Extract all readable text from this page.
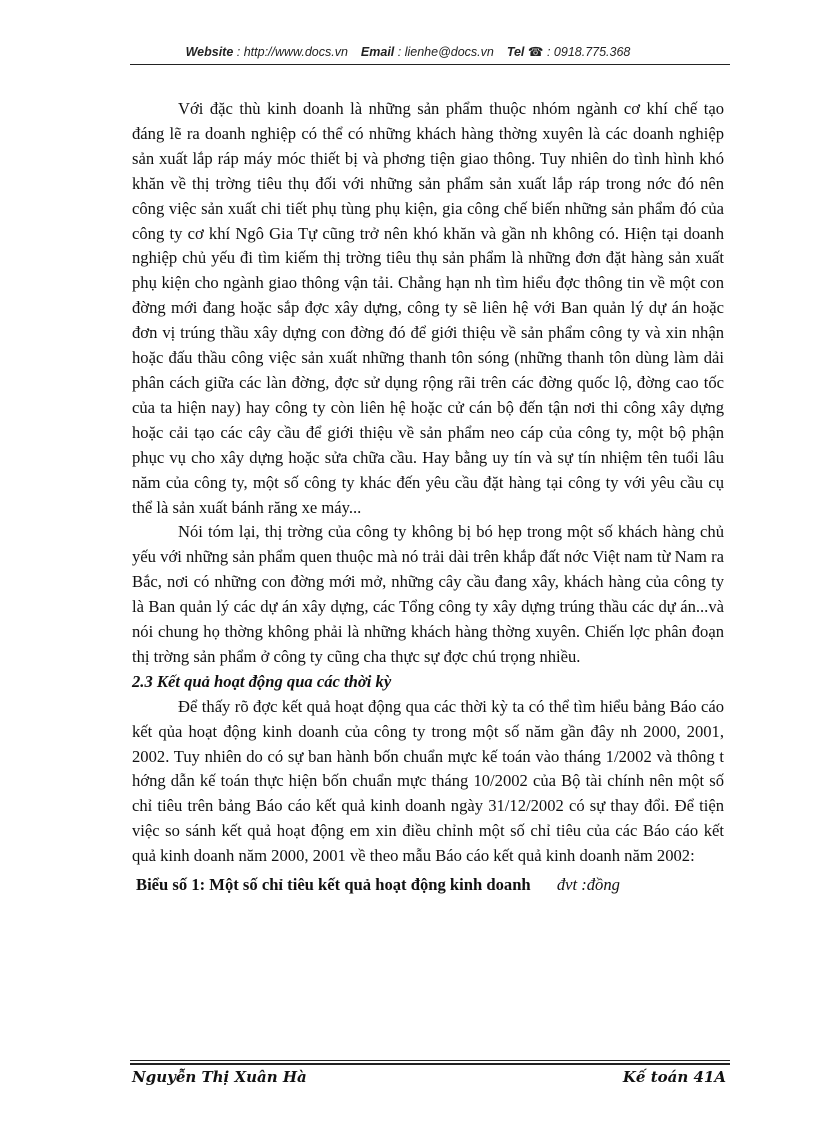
Website : http://www.docs.vn Email : lienhe@docs.vn Tel ☎ : 0918.775.368

Với đặc thù kinh doanh là những sản phẩm thuộc nhóm ngành cơ khí chế tạo đáng lẽ ra doanh nghiệp có thể có những khách hàng thờng xuyên là các doanh nghiệp sản xuất lắp ráp máy móc thiết bị và phơng tiện giao thông. Tuy nhiên do tình hình khó khăn về thị trờng tiêu thụ đối với những sản phẩm sản xuất lắp ráp trong nớc đó nên công việc sản xuất chi tiết phụ tùng phụ kiện, gia công chế biến những sản phẩm đó của công ty cơ khí Ngô Gia Tự cũng trở nên khó khăn và gần nh không có. Hiện tại doanh nghiệp chủ yếu đi tìm kiếm thị trờng tiêu thụ sản phẩm là những đơn đặt hàng sản xuất phụ kiện cho ngành giao thông vận tải. Chẳng hạn nh tìm hiểu đợc thông tin về một con đờng mới đang hoặc sắp đợc xây dựng, công ty sẽ liên hệ với Ban quản lý dự án hoặc đơn vị trúng thầu xây dựng con đờng đó để giới thiệu về sản phẩm công ty và xin nhận hoặc đấu thầu công việc sản xuất những thanh tôn sóng (những thanh tôn dùng làm dải phân cách giữa các làn đờng, đợc sử dụng rộng rãi trên các đờng quốc lộ, đờng cao tốc của ta hiện nay) hay công ty còn liên hệ hoặc cử cán bộ đến tận nơi thi công xây dựng hoặc cải tạo các cây cầu để giới thiệu về sản phẩm neo cáp của công ty, một bộ phận phục vụ cho xây dựng hoặc sửa chữa cầu. Hay bằng uy tín và sự tín nhiệm tên tuổi lâu năm của công ty, một số công ty khác đến yêu cầu đặt hàng tại công ty với yêu cầu cụ thể là sản xuất bánh răng xe máy...

Nói tóm lại, thị trờng của công ty không bị bó hẹp trong một số khách hàng chủ yếu với những sản phẩm quen thuộc mà nó trải dài trên khắp đất nớc Việt nam từ Nam ra Bắc, nơi có những con đờng mới mở, những cây cầu đang xây, khách hàng của công ty là Ban quản lý các dự án xây dựng, các Tổng công ty xây dựng trúng thầu các dự án...và nói chung họ thờng không phải là những khách hàng thờng xuyên. Chiến lợc phân đoạn thị trờng sản phẩm ở công ty cũng cha thực sự đợc chú trọng nhiều.

2.3 Kết quả hoạt động qua các thời kỳ

Để thấy rõ đợc kết quả hoạt động qua các thời kỳ ta có thể tìm hiểu bảng Báo cáo kết qủa hoạt động kinh doanh của công ty trong một số năm gần đây nh 2000, 2001, 2002. Tuy nhiên do có sự ban hành bốn chuẩn mực kế toán vào tháng 1/2002 và thông t hớng dẫn kế toán thực hiện bốn chuẩn mực tháng 10/2002 của Bộ tài chính nên một số chỉ tiêu trên bảng Báo cáo kết quả kinh doanh ngày 31/12/2002 có sự thay đổi. Để tiện việc so sánh kết quả hoạt động em xin điều chỉnh một số chỉ tiêu của các Báo cáo kết quả kinh doanh năm 2000, 2001 về theo mẫu Báo cáo kết quả kinh doanh năm 2002:

Biểu số 1: Một số chỉ tiêu kết quả hoạt động kinh doanh đvt :đồng
Nguyễn Thị Xuân Hà	Kế toán 41A
